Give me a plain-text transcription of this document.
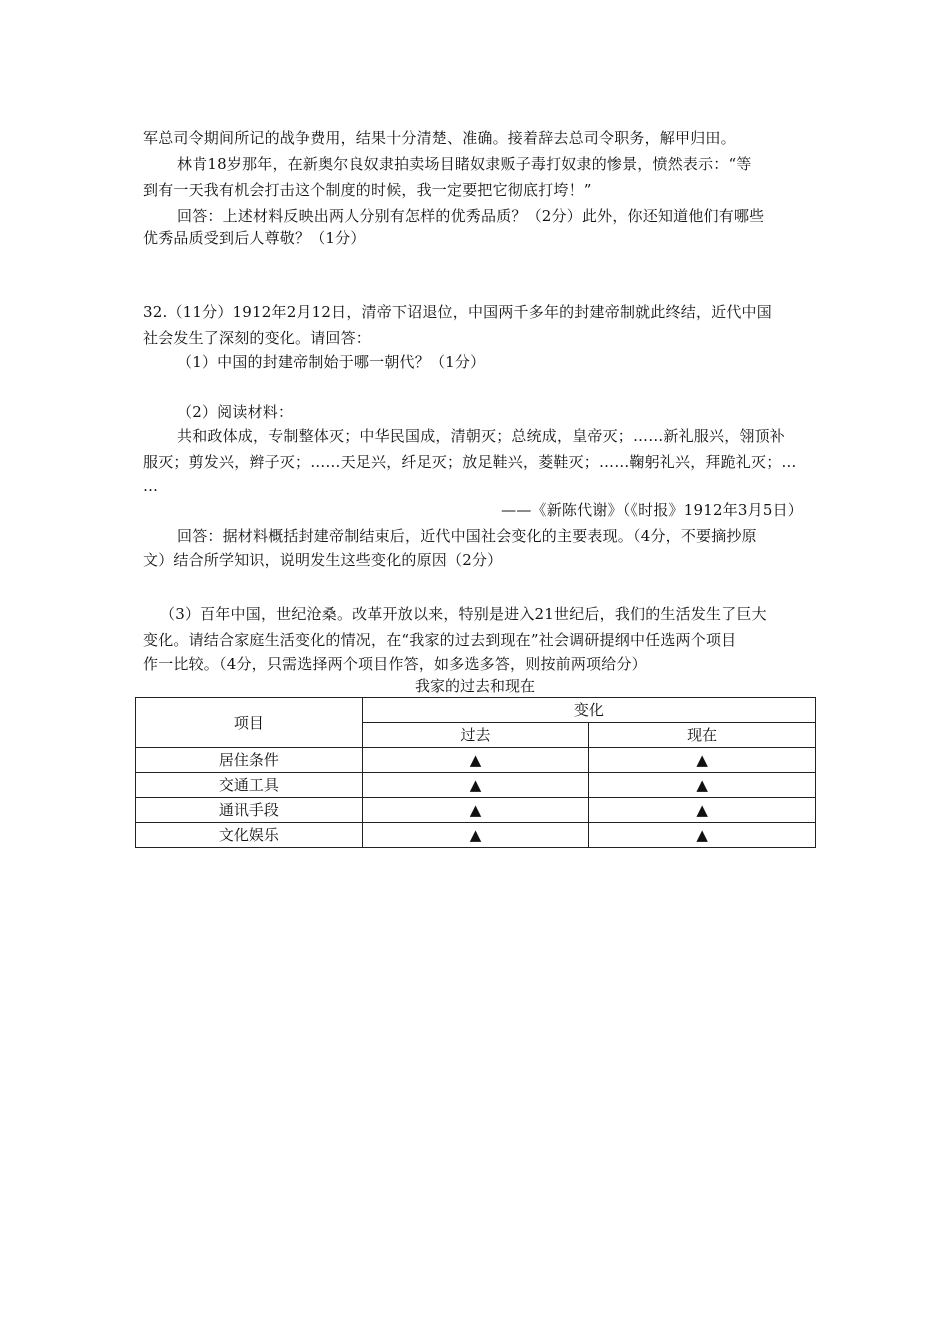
军总司令期间所记的战争费用，结果十分清楚、准确。接着辞去总司令职务，解甲归田。
林肯18岁那年，在新奥尔良奴隶拍卖场目睹奴隶贩子毒打奴隶的惨景，愤然表示：“等
到有一天我有机会打击这个制度的时候，我一定要把它彻底打垮！”
回答：上述材料反映出两人分别有怎样的优秀品质？（2分）此外，你还知道他们有哪些
优秀品质受到后人尊敬？（1分）
32.（11分）1912年2月12日，清帝下诏退位，中国两千多年的封建帝制就此终结，近代中国
社会发生了深刻的变化。请回答：
（1）中国的封建帝制始于哪一朝代？（1分）
（2）阅读材料：
共和政体成，专制整体灭；中华民国成，清朝灭；总统成，皇帝灭；……新礼服兴，翎顶补
服灭；剪发兴，辫子灭；……天足兴，纤足灭；放足鞋兴，菱鞋灭；……鞠躬礼兴，拜跪礼灭；…
…
——《新陈代谢》（《时报》1912年3月5日）
回答：据材料概括封建帝制结束后，近代中国社会变化的主要表现。（4分，不要摘抄原
文）结合所学知识，说明发生这些变化的原因（2分）
（3）百年中国，世纪沧桑。改革开放以来，特别是进入21世纪后，我们的生活发生了巨大
变化。请结合家庭生活变化的情况，在“我家的过去到现在”社会调研提纲中任选两个项目
作一比较。（4分，只需选择两个项目作答，如多选多答，则按前两项给分）
我家的过去和现在
项目	变化	
	过去	现在
居住条件	▲	▲
交通工具	▲	▲
通讯手段	▲	▲
文化娱乐	▲	▲
